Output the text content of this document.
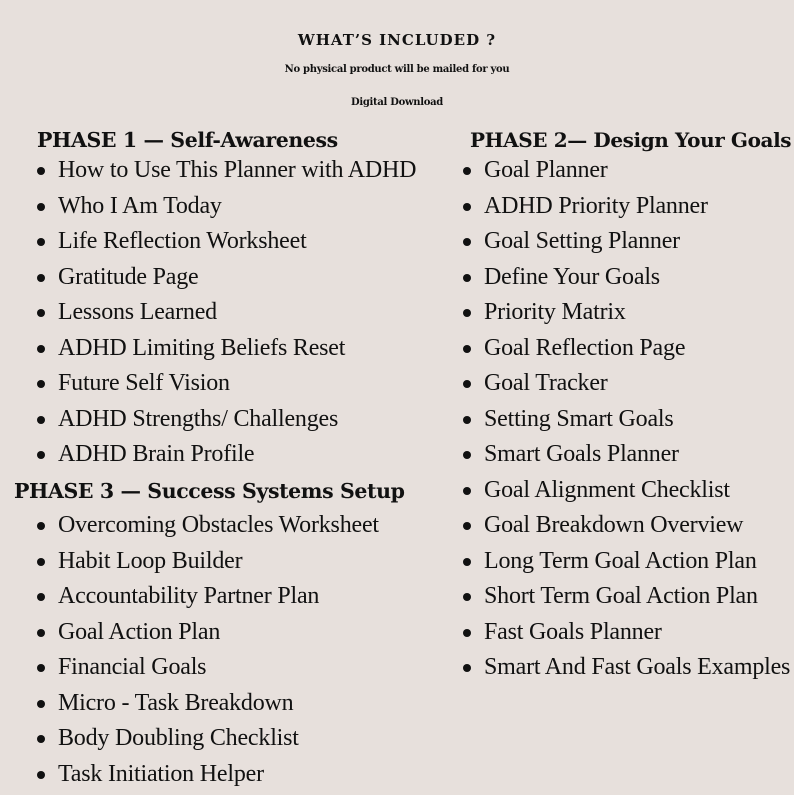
WHAT’S INCLUDED ?
No physical product will be mailed for you
Digital Download
PHASE 1 — Self-Awareness
How to Use This Planner with ADHD
Who I Am Today
Life Reflection Worksheet
Gratitude Page
Lessons Learned
ADHD Limiting Beliefs Reset
Future Self Vision
ADHD Strengths/ Challenges
ADHD Brain Profile
PHASE 3 — Success Systems Setup
Overcoming Obstacles Worksheet
Habit Loop Builder
Accountability Partner Plan
Goal Action Plan
Financial Goals
Micro - Task Breakdown
Body Doubling Checklist
Task Initiation Helper
PHASE 2— Design Your Goals
Goal Planner
ADHD Priority Planner
Goal Setting Planner
Define Your Goals
Priority Matrix
Goal Reflection Page
Goal Tracker
Setting Smart Goals
Smart Goals Planner
Goal Alignment Checklist
Goal Breakdown Overview
Long Term Goal Action Plan
Short Term Goal Action Plan
Fast Goals Planner
Smart And Fast Goals Examples
